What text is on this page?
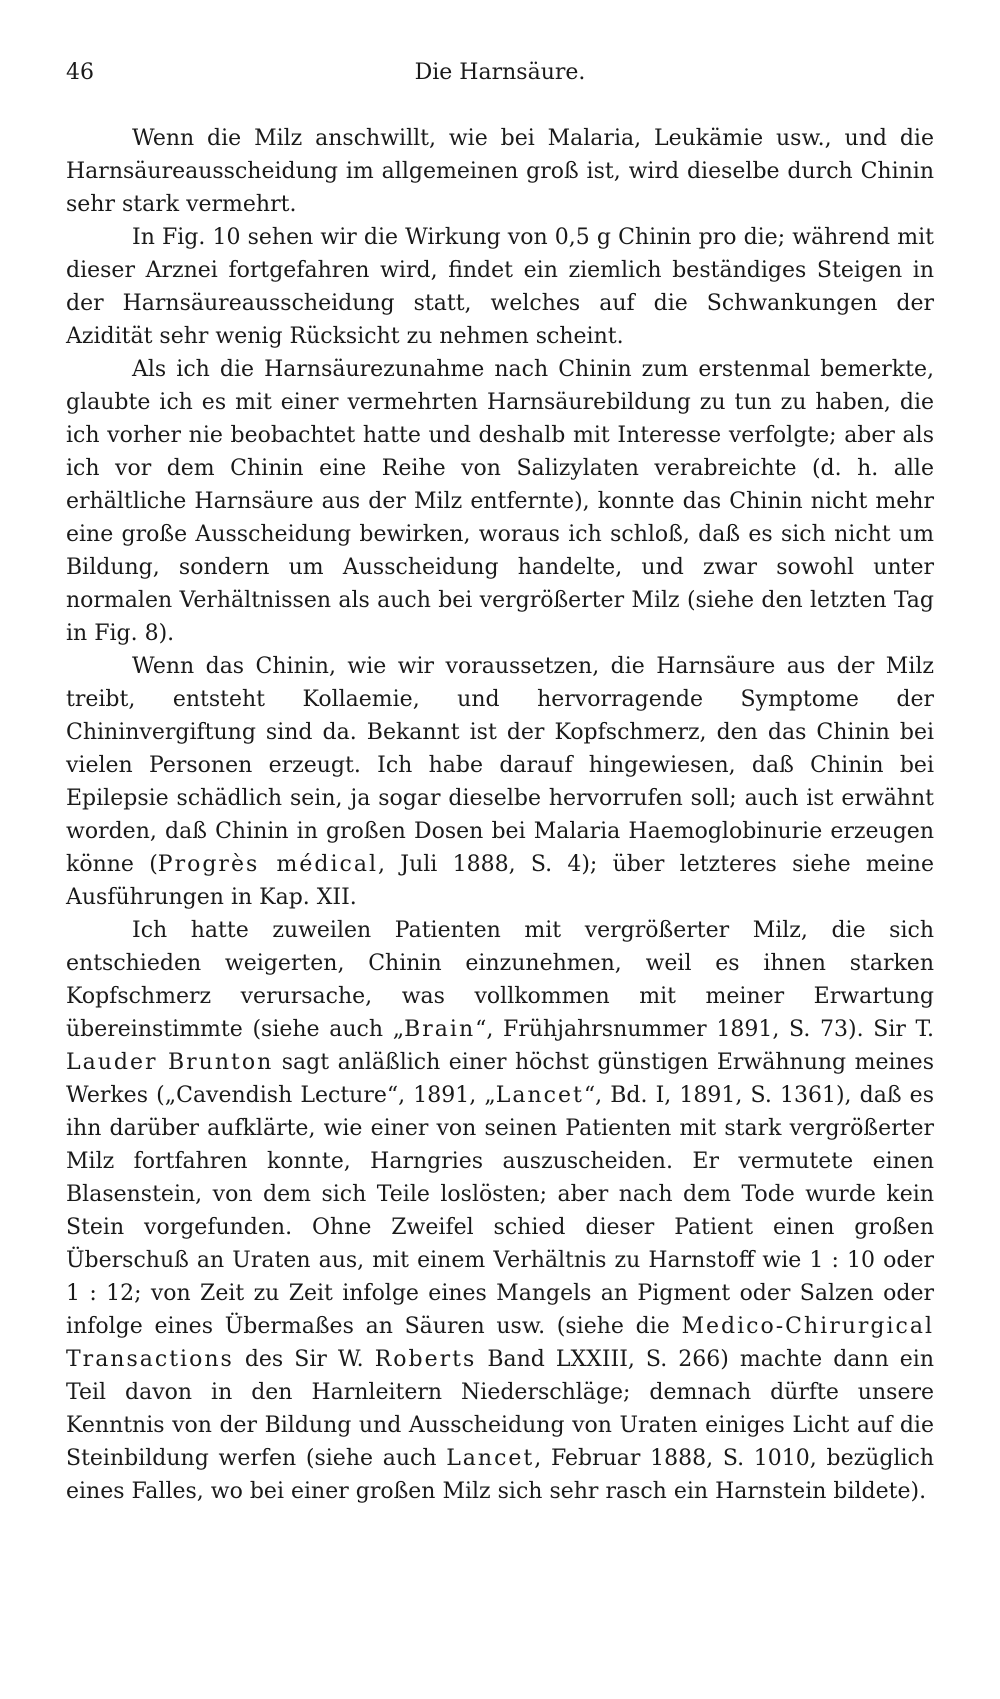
46	Die Harnsäure.

Wenn die Milz anschwillt, wie bei Malaria, Leukämie usw., und die Harnsäureausscheidung im allgemeinen groß ist, wird dieselbe durch Chinin sehr stark vermehrt.

In Fig. 10 sehen wir die Wirkung von 0,5 g Chinin pro die; während mit dieser Arznei fortgefahren wird, findet ein ziemlich beständiges Steigen in der Harnsäureausscheidung statt, welches auf die Schwankungen der Azidität sehr wenig Rücksicht zu nehmen scheint.

Als ich die Harnsäurezunahme nach Chinin zum erstenmal bemerkte, glaubte ich es mit einer vermehrten Harnsäurebildung zu tun zu haben, die ich vorher nie beobachtet hatte und deshalb mit Interesse verfolgte; aber als ich vor dem Chinin eine Reihe von Salizylaten verabreichte (d. h. alle erhältliche Harnsäure aus der Milz entfernte), konnte das Chinin nicht mehr eine große Ausscheidung bewirken, woraus ich schloß, daß es sich nicht um Bildung, sondern um Ausscheidung handelte, und zwar sowohl unter normalen Verhältnissen als auch bei vergrößerter Milz (siehe den letzten Tag in Fig. 8).

Wenn das Chinin, wie wir voraussetzen, die Harnsäure aus der Milz treibt, entsteht Kollaemie, und hervorragende Symptome der Chininvergiftung sind da. Bekannt ist der Kopfschmerz, den das Chinin bei vielen Personen erzeugt. Ich habe darauf hingewiesen, daß Chinin bei Epilepsie schädlich sein, ja sogar dieselbe hervorrufen soll; auch ist erwähnt worden, daß Chinin in großen Dosen bei Malaria Haemoglobinurie erzeugen könne (Progrès médical, Juli 1888, S. 4); über letzteres siehe meine Ausführungen in Kap. XII.

Ich hatte zuweilen Patienten mit vergrößerter Milz, die sich entschieden weigerten, Chinin einzunehmen, weil es ihnen starken Kopfschmerz verursache, was vollkommen mit meiner Erwartung übereinstimmte (siehe auch „Brain“, Frühjahrsnummer 1891, S. 73). Sir T. Lauder Brunton sagt anläßlich einer höchst günstigen Erwähnung meines Werkes („Cavendish Lecture“, 1891, „Lancet“, Bd. I, 1891, S. 1361), daß es ihn darüber aufklärte, wie einer von seinen Patienten mit stark vergrößerter Milz fortfahren konnte, Harngries auszuscheiden. Er vermutete einen Blasenstein, von dem sich Teile loslösten; aber nach dem Tode wurde kein Stein vorgefunden. Ohne Zweifel schied dieser Patient einen großen Überschuß an Uraten aus, mit einem Verhältnis zu Harnstoff wie 1 : 10 oder 1 : 12; von Zeit zu Zeit infolge eines Mangels an Pigment oder Salzen oder infolge eines Übermaßes an Säuren usw. (siehe die Medico-Chirurgical Transactions des Sir W. Roberts Band LXXIII, S. 266) machte dann ein Teil davon in den Harnleitern Niederschläge; demnach dürfte unsere Kenntnis von der Bildung und Ausscheidung von Uraten einiges Licht auf die Steinbildung werfen (siehe auch Lancet, Februar 1888, S. 1010, bezüglich eines Falles, wo bei einer großen Milz sich sehr rasch ein Harnstein bildete).
